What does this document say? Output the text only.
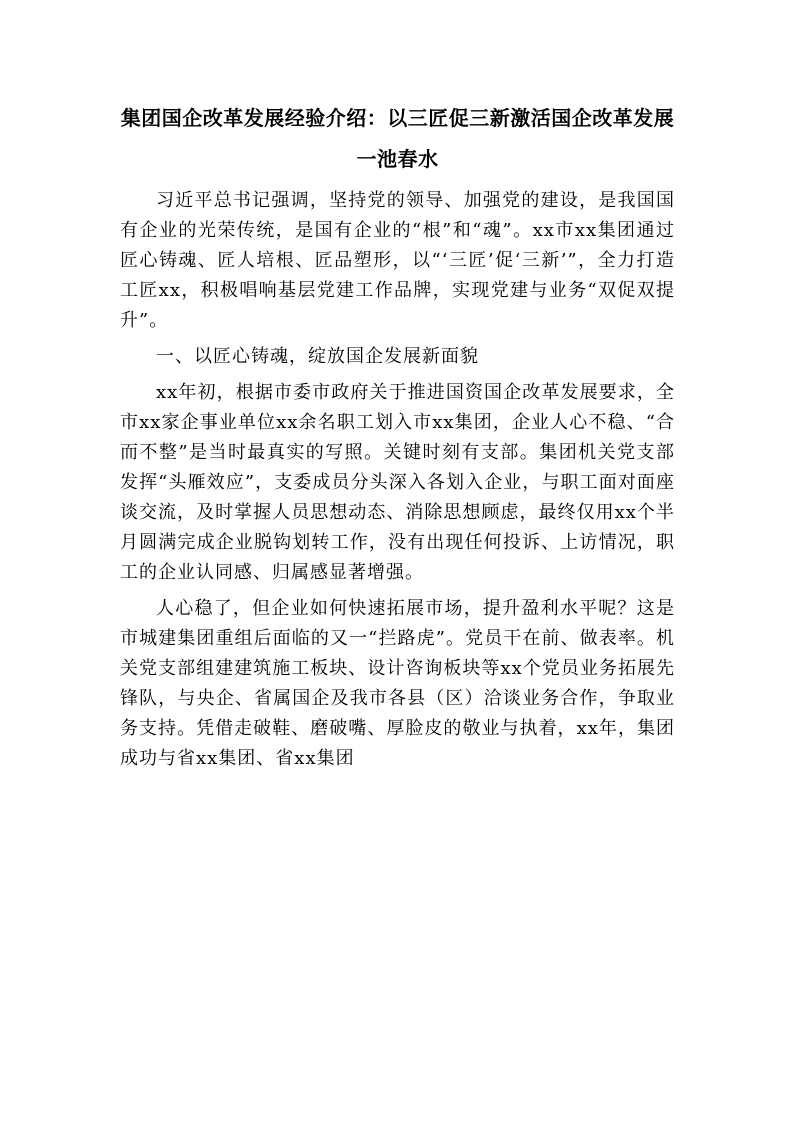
集团国企改革发展经验介绍：以三匠促三新激活国企改革发展一池春水

习近平总书记强调，坚持党的领导、加强党的建设，是我国国有企业的光荣传统，是国有企业的“根”和“魂”。xx市xx集团通过匠心铸魂、匠人培根、匠品塑形，以“‘三匠’促‘三新’”，全力打造工匠xx，积极唱响基层党建工作品牌，实现党建与业务“双促双提升”。

一、以匠心铸魂，绽放国企发展新面貌

xx年初，根据市委市政府关于推进国资国企改革发展要求，全市xx家企事业单位xx余名职工划入市xx集团，企业人心不稳、“合而不整”是当时最真实的写照。关键时刻有支部。集团机关党支部发挥“头雁效应”，支委成员分头深入各划入企业，与职工面对面座谈交流，及时掌握人员思想动态、消除思想顾虑，最终仅用xx个半月圆满完成企业脱钩划转工作，没有出现任何投诉、上访情况，职工的企业认同感、归属感显著增强。

人心稳了，但企业如何快速拓展市场，提升盈利水平呢？这是市城建集团重组后面临的又一“拦路虎”。党员干在前、做表率。机关党支部组建建筑施工板块、设计咨询板块等xx个党员业务拓展先锋队，与央企、省属国企及我市各县（区）洽谈业务合作，争取业务支持。凭借走破鞋、磨破嘴、厚脸皮的敬业与执着，xx年，集团成功与省xx集团、省xx集团
